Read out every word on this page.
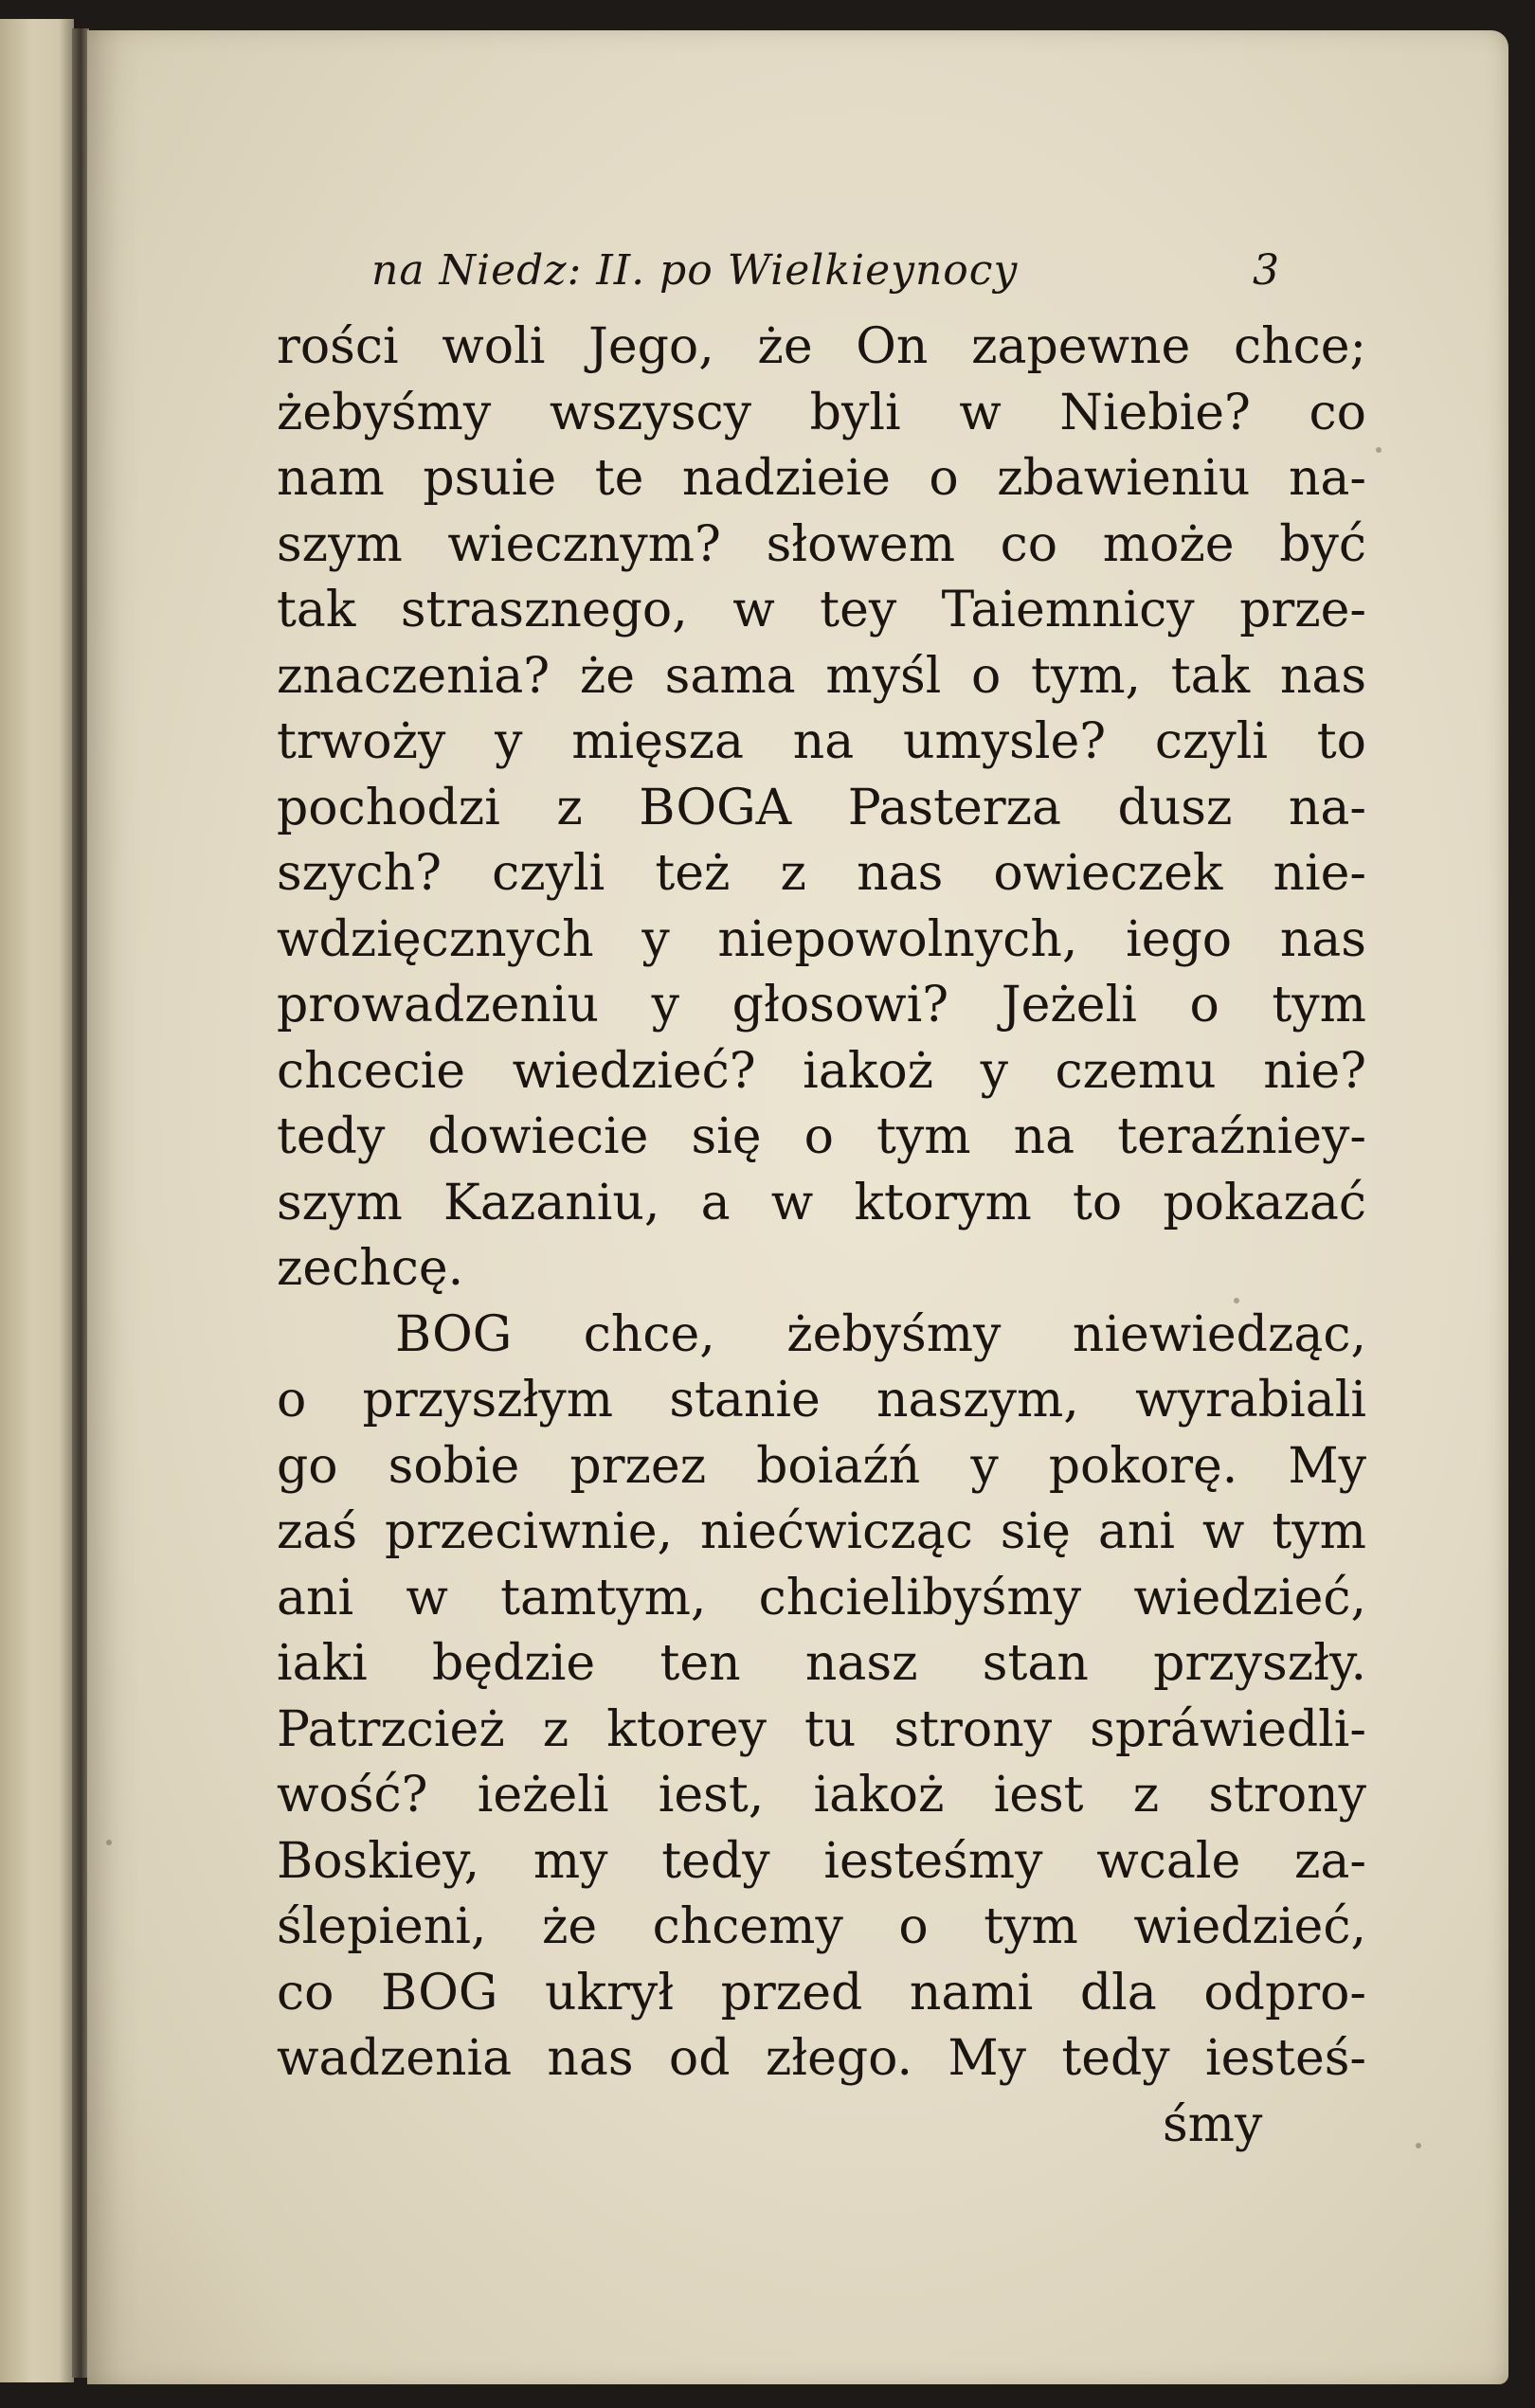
na Niedz: II. po Wielkieynocy	3
rości woli Jego, że On zapewne chce;
żebyśmy wszyscy byli w Niebie? co
nam psuie te nadzieie o zbawieniu na-
szym wiecznym? słowem co może być
tak strasznego, w tey Taiemnicy prze-
znaczenia? że sama myśl o tym, tak nas
trwoży y mięsza na umysle? czyli to
pochodzi z BOGA Pasterza dusz na-
szych? czyli też z nas owieczek nie-
wdzięcznych y niepowolnych, iego nas
prowadzeniu y głosowi? Jeżeli o tym
chcecie wiedzieć? iakoż y czemu nie?
tedy dowiecie się o tym na teraźniey-
szym Kazaniu, a w ktorym to pokazać
zechcę.
BOG chce, żebyśmy niewiedząc,
o przyszłym stanie naszym, wyrabiali
go sobie przez boiaźń y pokorę. My
zaś przeciwnie, niećwicząc się ani w tym
ani w tamtym, chcielibyśmy wiedzieć,
iaki będzie ten nasz stan przyszły.
Patrzcież z ktorey tu strony spráwiedli-
wość? ieżeli iest, iakoż iest z strony
Boskiey, my tedy iesteśmy wcale za-
ślepieni, że chcemy o tym wiedzieć,
co BOG ukrył przed nami dla odpro-
wadzenia nas od złego. My tedy iesteś-
śmy
